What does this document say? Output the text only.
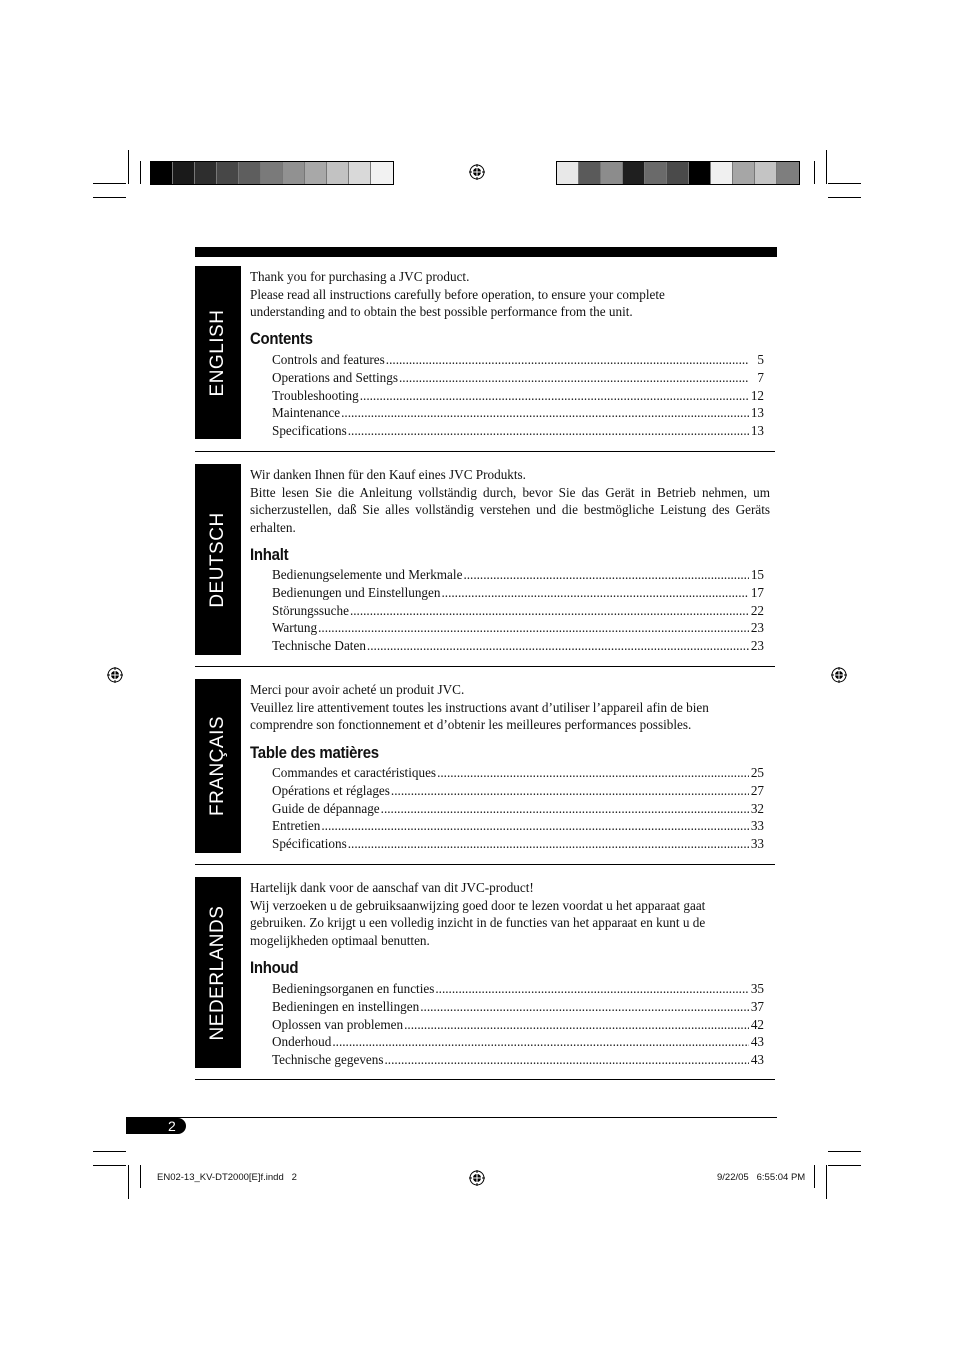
ENGLISH

Thank you for purchasing a JVC product.

Please read all instructions carefully before operation, to ensure your complete understanding and to obtain the best possible performance from the unit.

Contents
Controls and features .....	5
Operations and Settings .....	7
Troubleshooting .....	12
Maintenance .....	13
Specifications .....	13
DEUTSCH

Wir danken Ihnen für den Kauf eines JVC Produkts.

Bitte lesen Sie die Anleitung vollständig durch, bevor Sie das Gerät in Betrieb nehmen, um sicherzustellen, daß Sie alles vollständig verstehen und die bestmögliche Leistung des Geräts erhalten.

Inhalt
Bedienungselemente und Merkmale .....	15
Bedienungen und Einstellungen .....	17
Störungssuche .....	22
Wartung .....	23
Technische Daten .....	23
FRANÇAIS

Merci pour avoir acheté un produit JVC.

Veuillez lire attentivement toutes les instructions avant d’utiliser l’appareil afin de bien comprendre son fonctionnement et d’obtenir les meilleures performances possibles.

Table des matières
Commandes et caractéristiques .....	25
Opérations et réglages .....	27
Guide de dépannage .....	32
Entretien .....	33
Spécifications .....	33
NEDERLANDS

Hartelijk dank voor de aanschaf van dit JVC-product!

Wij verzoeken u de gebruiksaanwijzing goed door te lezen voordat u het apparaat gaat gebruiken. Zo krijgt u een volledig inzicht in de functies van het apparaat en kunt u de mogelijkheden optimaal benutten.

Inhoud
Bedieningsorganen en functies .....	35
Bedieningen en instellingen .....	37
Oplossen van problemen .....	42
Onderhoud .....	43
Technische gegevens .....	43
2
EN02-13_KV-DT2000[E]f.indd   2	9/22/05   6:55:04 PM
